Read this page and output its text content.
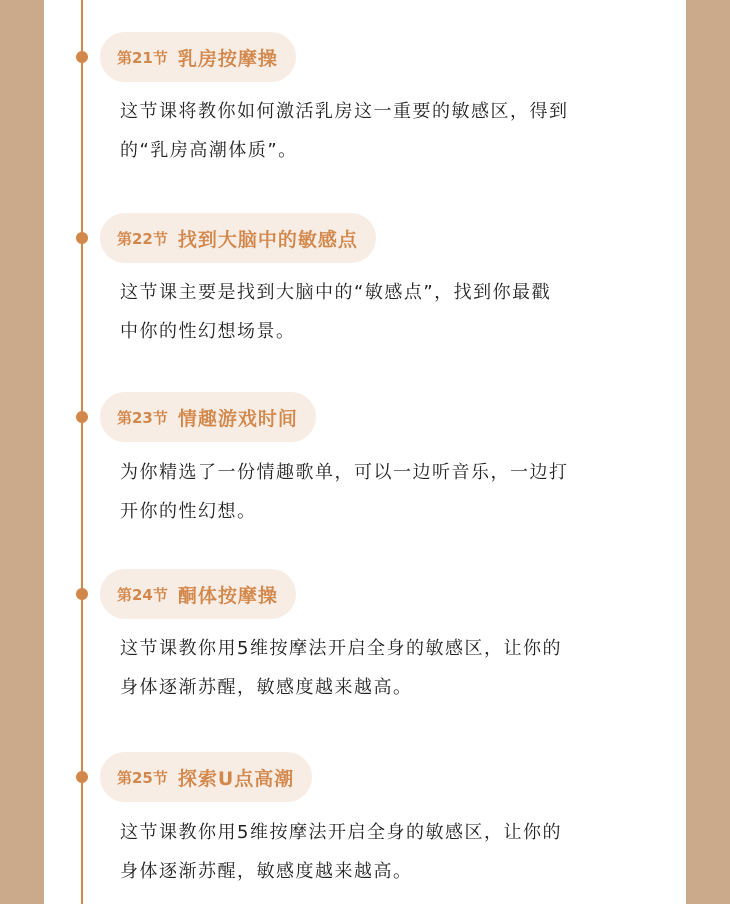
第21节 乳房按摩操
这节课将教你如何激活乳房这一重要的敏感区，得到
的“乳房高潮体质”。
第22节 找到大脑中的敏感点
这节课主要是找到大脑中的“敏感点”，找到你最戳
中你的性幻想场景。
第23节 情趣游戏时间
为你精选了一份情趣歌单，可以一边听音乐，一边打
开你的性幻想。
第24节 酮体按摩操
这节课教你用5维按摩法开启全身的敏感区，让你的
身体逐渐苏醒，敏感度越来越高。
第25节 探索U点高潮
这节课教你用5维按摩法开启全身的敏感区，让你的
身体逐渐苏醒，敏感度越来越高。
